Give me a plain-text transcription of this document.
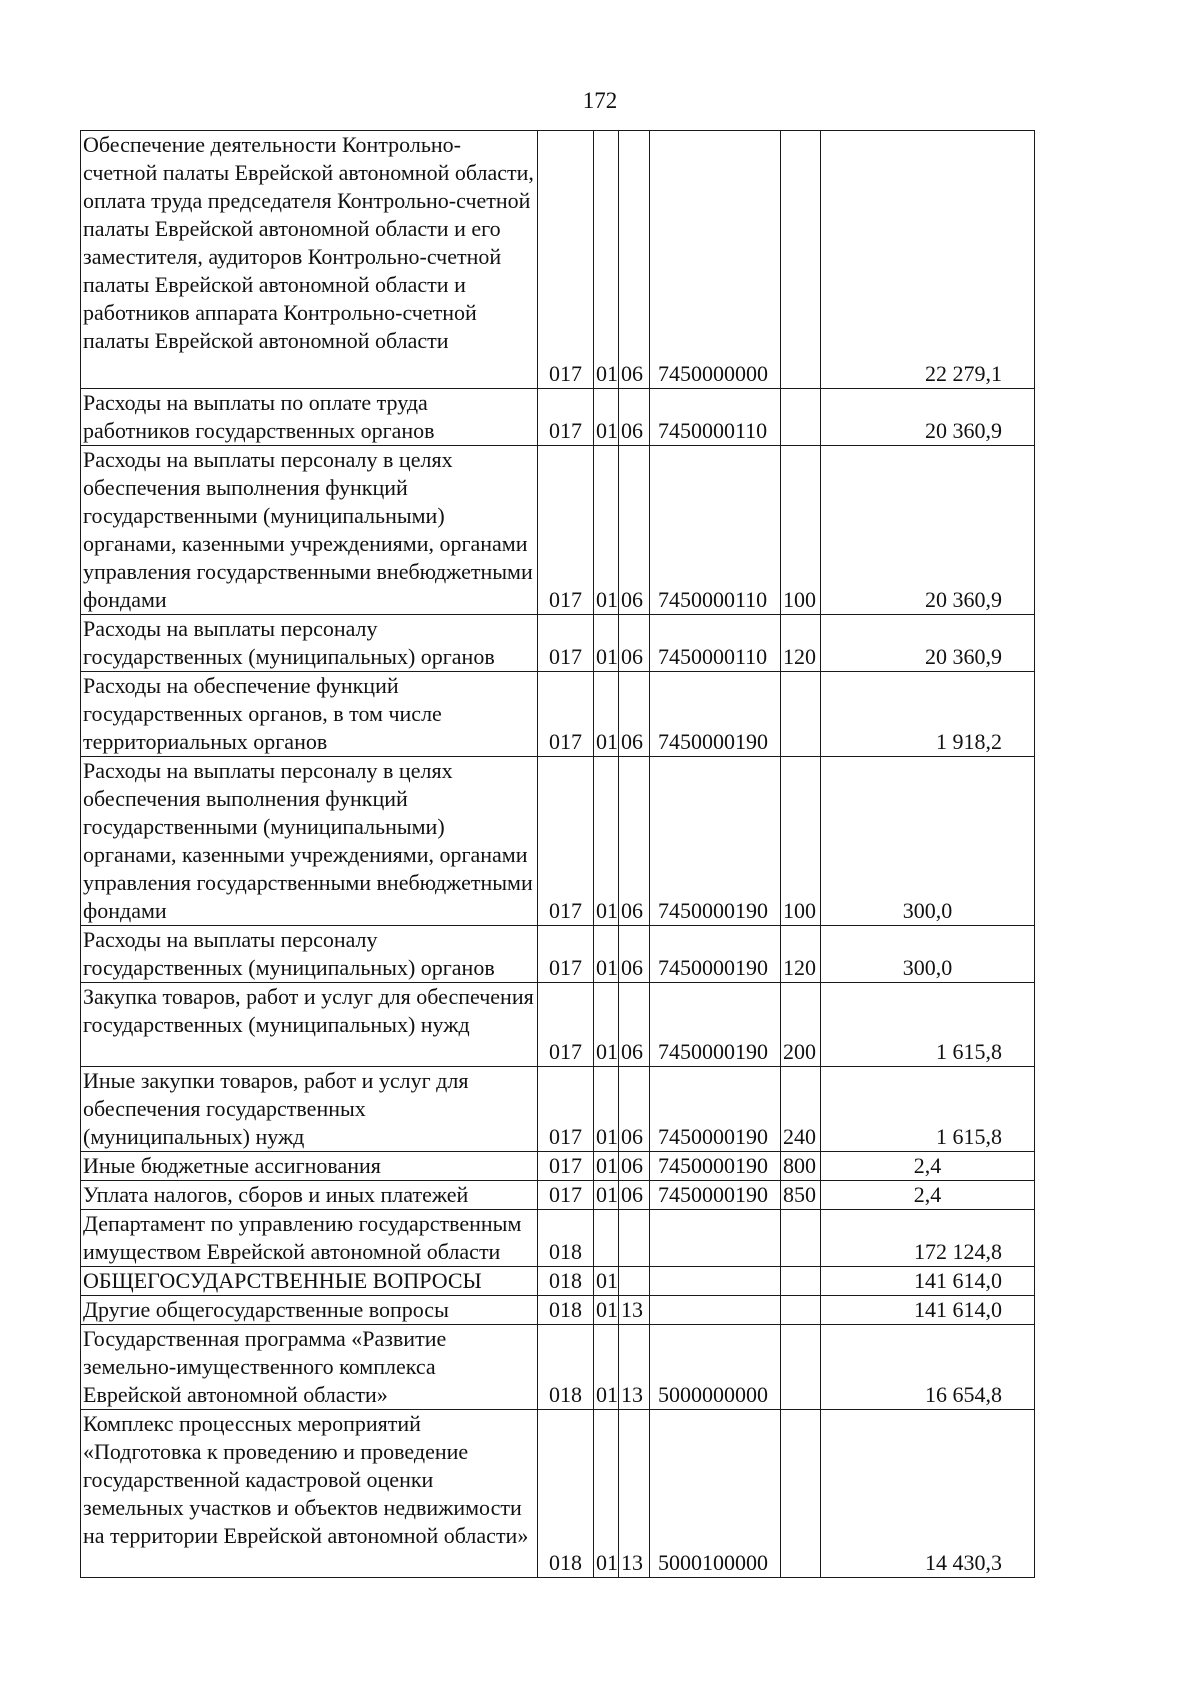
172
Обеспечение деятельности Контрольно-счетной палаты Еврейской автономной области, оплата труда председателя Контрольно-счетной палаты Еврейской автономной области и его заместителя, аудиторов Контрольно-счетной палаты Еврейской автономной области и работников аппарата Контрольно-счетной палаты Еврейской автономной области	017	01	06	7450000000		22 279,1
Расходы на выплаты по оплате труда работников государственных органов	017	01	06	7450000110		20 360,9
Расходы на выплаты персоналу в целях обеспечения выполнения функций государственными (муниципальными) органами, казенными учреждениями, органами управления государственными внебюджетными фондами	017	01	06	7450000110	100	20 360,9
Расходы на выплаты персоналу государственных (муниципальных) органов	017	01	06	7450000110	120	20 360,9
Расходы на обеспечение функций государственных органов, в том числе территориальных органов	017	01	06	7450000190		1 918,2
Расходы на выплаты персоналу в целях обеспечения выполнения функций государственными (муниципальными) органами, казенными учреждениями, органами управления государственными внебюджетными фондами	017	01	06	7450000190	100	300,0
Расходы на выплаты персоналу государственных (муниципальных) органов	017	01	06	7450000190	120	300,0
Закупка товаров, работ и услуг для обеспечения государственных (муниципальных) нужд	017	01	06	7450000190	200	1 615,8
Иные закупки товаров, работ и услуг для обеспечения государственных (муниципальных) нужд	017	01	06	7450000190	240	1 615,8
Иные бюджетные ассигнования	017	01	06	7450000190	800	2,4
Уплата налогов, сборов и иных платежей	017	01	06	7450000190	850	2,4
Департамент по управлению государственным имуществом Еврейской автономной области	018					172 124,8
ОБЩЕГОСУДАРСТВЕННЫЕ ВОПРОСЫ	018	01				141 614,0
Другие общегосударственные вопросы	018	01	13			141 614,0
Государственная программа «Развитие земельно-имущественного комплекса Еврейской автономной области»	018	01	13	5000000000		16 654,8
Комплекс процессных мероприятий «Подготовка к проведению и проведение государственной кадастровой оценки земельных участков и объектов недвижимости на территории Еврейской автономной области»	018	01	13	5000100000		14 430,3
